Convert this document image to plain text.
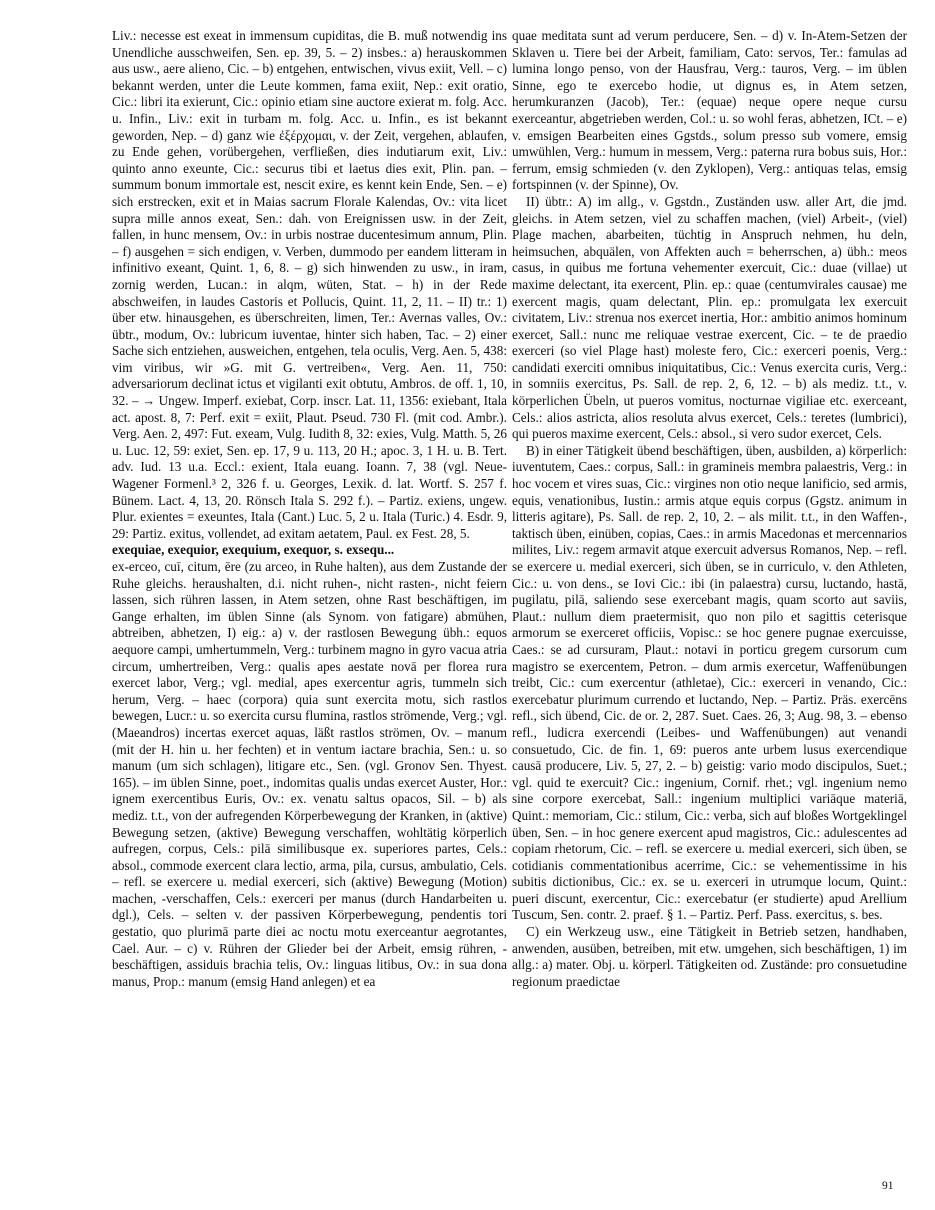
Liv.: necesse est exeat in immensum cupiditas, die B. muß notwendig ins Unendliche ausschweifen, Sen. ep. 39, 5. – 2) insbes.: a) herauskommen aus usw., aere alieno, Cic. – b) entgehen, entwischen, vivus exiit, Vell. – c) bekannt werden, unter die Leute kommen, fama exiit, Nep.: exit oratio, Cic.: libri ita exierunt, Cic.: opinio etiam sine auctore exierat m. folg. Acc. u. Infin., Liv.: exit in turbam m. folg. Acc. u. Infin., es ist bekannt geworden, Nep. – d) ganz wie ἐξέρχομαι, v. der Zeit, vergehen, ablaufen, zu Ende gehen, vorübergehen, verfließen, dies indutiarum exit, Liv.: quinto anno exeunte, Cic.: securus tibi et laetus dies exit, Plin. pan. – summum bonum immortale est, nescit exire, es kennt kein Ende, Sen. – e) sich erstrecken, exit et in Maias sacrum Florale Kalendas, Ov.: vita licet supra mille annos exeat, Sen.: dah. von Ereignissen usw. in der Zeit, fallen, in hunc mensem, Ov.: in urbis nostrae ducentesimum annum, Plin. – f) ausgehen = sich endigen, v. Verben, dummodo per eandem litteram in infinitivo exeant, Quint. 1, 6, 8. – g) sich hinwenden zu usw., in iram, zornig werden, Lucan.: in alqm, wüten, Stat. – h) in der Rede abschweifen, in laudes Castoris et Pollucis, Quint. 11, 2, 11. – II) tr.: 1) über etw. hinausgehen, es überschreiten, limen, Ter.: Avernas valles, Ov.: übtr., modum, Ov.: lubricum iuventae, hinter sich haben, Tac. – 2) einer Sache sich entziehen, ausweichen, entgehen, tela oculis, Verg. Aen. 5, 438: vim viribus, wir »G. mit G. vertreiben«, Verg. Aen. 11, 750: adversariorum declinat ictus et vigilanti exit obtutu, Ambros. de off. 1, 10, 32. – → Ungew. Imperf. exiebat, Corp. inscr. Lat. 11, 1356: exiebant, Itala act. apost. 8, 7: Perf. exit = exiit, Plaut. Pseud. 730 Fl. (mit cod. Ambr.). Verg. Aen. 2, 497: Fut. exeam, Vulg. Iudith 8, 32: exies, Vulg. Matth. 5, 26 u. Luc. 12, 59: exiet, Sen. ep. 17, 9 u. 113, 20 H.; apoc. 3, 1 H. u. B. Tert. adv. Iud. 13 u.a. Eccl.: exient, Itala euang. Ioann. 7, 38 (vgl. Neue-Wagener Formenl.³ 2, 326 f. u. Georges, Lexik. d. lat. Wortf. S. 257 f. Bünem. Lact. 4, 13, 20. Rönsch Itala S. 292 f.). – Partiz. exiens, ungew. Plur. exientes = exeuntes, Itala (Cant.) Luc. 5, 2 u. Itala (Turic.) 4. Esdr. 9, 29: Partiz. exitus, vollendet, ad exitam aetatem, Paul. ex Fest. 28, 5.

exequiae, exequior, exequium, exequor, s. exsequ...

ex-erceo, cuī, citum, ēre (zu arceo, in Ruhe halten), aus dem Zustande der Ruhe gleichs. heraushalten, d.i. nicht ruhen-, nicht rasten-, nicht feiern lassen, sich rühren lassen, in Atem setzen, ohne Rast beschäftigen, im Gange erhalten, im üblen Sinne (als Synom. von fatigare) abmühen, abtreiben, abhetzen, I) eig.: a) v. der rastlosen Bewegung übh.: equos aequore campi, umhertummeln, Verg.: turbinem magno in gyro vacua atria circum, umhertreiben, Verg.: qualis apes aestate novā per florea rura exercet labor, Verg.; vgl. medial, apes exercentur agris, tummeln sich herum, Verg. – haec (corpora) quia sunt exercita motu, sich rastlos bewegen, Lucr.: u. so exercita cursu flumina, rastlos strömende, Verg.; vgl. (Maeandros) incertas exercet aquas, läßt rastlos strömen, Ov. – manum (mit der H. hin u. her fechten) et in ventum iactare brachia, Sen.: u. so manum (um sich schlagen), litigare etc., Sen. (vgl. Gronov Sen. Thyest. 165). – im üblen Sinne, poet., indomitas qualis undas exercet Auster, Hor.: ignem exercentibus Euris, Ov.: ex. venatu saltus opacos, Sil. – b) als mediz. t.t., von der aufregenden Körperbewegung der Kranken, in (aktive) Bewegung setzen, (aktive) Bewegung verschaffen, wohltätig körperlich aufregen, corpus, Cels.: pilā similibusque ex. superiores partes, Cels.: absol., commode exercent clara lectio, arma, pila, cursus, ambulatio, Cels. – refl. se exercere u. medial exerceri, sich (aktive) Bewegung (Motion) machen, -verschaffen, Cels.: exerceri per manus (durch Handarbeiten u. dgl.), Cels. – selten v. der passiven Körperbewegung, pendentis tori gestatio, quo plurimā parte diei ac noctu motu exerceantur aegrotantes, Cael. Aur. – c) v. Rühren der Glieder bei der Arbeit, emsig rühren, -beschäftigen, assiduis brachia telis, Ov.: linguas litibus, Ov.: in sua dona manus, Prop.: manum (emsig Hand anlegen) et ea

quae meditata sunt ad verum perducere, Sen. – d) v. In-Atem-Setzen der Sklaven u. Tiere bei der Arbeit, familiam, Cato: servos, Ter.: famulas ad lumina longo penso, von der Hausfrau, Verg.: tauros, Verg. – im üblen Sinne, ego te exercebo hodie, ut dignus es, in Atem setzen, herumkuranzen (Jacob), Ter.: (equae) neque opere neque cursu exerceantur, abgetrieben werden, Col.: u. so wohl feras, abhetzen, ICt. – e) v. emsigen Bearbeiten eines Ggstds., solum presso sub vomere, emsig umwühlen, Verg.: humum in messem, Verg.: paterna rura bobus suis, Hor.: ferrum, emsig schmieden (v. den Zyklopen), Verg.: antiquas telas, emsig fortspinnen (v. der Spinne), Ov.

II) übtr.: A) im allg., v. Ggstdn., Zuständen usw. aller Art, die jmd. gleichs. in Atem setzen, viel zu schaffen machen, (viel) Arbeit-, (viel) Plage machen, abarbeiten, tüchtig in Anspruch nehmen, hu deln, heimsuchen, abquälen, von Affekten auch = beherrschen, a) übh.: meos casus, in quibus me fortuna vehementer exercuit, Cic.: duae (villae) ut maxime delectant, ita exercent, Plin. ep.: quae (centumvirales causae) me exercent magis, quam delectant, Plin. ep.: promulgata lex exercuit civitatem, Liv.: strenua nos exercet inertia, Hor.: ambitio animos hominum exercet, Sall.: nunc me reliquae vestrae exercent, Cic. – te de praedio exerceri (so viel Plage hast) moleste fero, Cic.: exerceri poenis, Verg.: candidati exerciti omnibus iniquitatibus, Cic.: Venus exercita curis, Verg.: in somniis exercitus, Ps. Sall. de rep. 2, 6, 12. – b) als mediz. t.t., v. körperlichen Übeln, ut pueros vomitus, nocturnae vigiliae etc. exerceant, Cels.: alios astricta, alios resoluta alvus exercet, Cels.: teretes (lumbrici), qui pueros maxime exercent, Cels.: absol., si vero sudor exercet, Cels.

B) in einer Tätigkeit übend beschäftigen, üben, ausbilden, a) körperlich: iuventutem, Caes.: corpus, Sall.: in gramineis membra palaestris, Verg.: in hoc vocem et vires suas, Cic.: virgines non otio neque lanificio, sed armis, equis, venationibus, Iustin.: armis atque equis corpus (Ggstz. animum in litteris agitare), Ps. Sall. de rep. 2, 10, 2. – als milit. t.t., in den Waffen-, taktisch üben, einüben, copias, Caes.: in armis Macedonas et mercennarios milites, Liv.: regem armavit atque exercuit adversus Romanos, Nep. – refl. se exercere u. medial exerceri, sich üben, se in curriculo, v. den Athleten, Cic.: u. von dens., se Iovi Cic.: ibi (in palaestra) cursu, luctando, hastā, pugilatu, pilā, saliendo sese exercebant magis, quam scorto aut saviis, Plaut.: nullum diem praetermisit, quo non pilo et sagittis ceterisque armorum se exerceret officiis, Vopisc.: se hoc genere pugnae exercuisse, Caes.: se ad cursuram, Plaut.: notavi in porticu gregem cursorum cum magistro se exercentem, Petron. – dum armis exercetur, Waffenübungen treibt, Cic.: cum exercentur (athletae), Cic.: exerceri in venando, Cic.: exercebatur plurimum currendo et luctando, Nep. – Partiz. Präs. exercēns refl., sich übend, Cic. de or. 2, 287. Suet. Caes. 26, 3; Aug. 98, 3. – ebenso refl., ludicra exercendi (Leibes- und Waffenübungen) aut venandi consuetudo, Cic. de fin. 1, 69: pueros ante urbem lusus exercendique causā producere, Liv. 5, 27, 2. – b) geistig: vario modo discipulos, Suet.; vgl. quid te exercuit? Cic.: ingenium, Cornif. rhet.; vgl. ingenium nemo sine corpore exercebat, Sall.: ingenium multiplici variāque materiā, Quint.: memoriam, Cic.: stilum, Cic.: verba, sich auf bloßes Wortgeklingel üben, Sen. – in hoc genere exercent apud magistros, Cic.: adulescentes ad copiam rhetorum, Cic. – refl. se exercere u. medial exerceri, sich üben, se cotidianis commentationibus acerrime, Cic.: se vehementissime in his subitis dictionibus, Cic.: ex. se u. exerceri in utrumque locum, Quint.: pueri discunt, exercentur, Cic.: exercebatur (er studierte) apud Arellium Tuscum, Sen. contr. 2. praef. § 1. – Partiz. Perf. Pass. exercitus, s. bes.

C) ein Werkzeug usw., eine Tätigkeit in Betrieb setzen, handhaben, anwenden, ausüben, betreiben, mit etw. umgehen, sich beschäftigen, 1) im allg.: a) mater. Obj. u. körperl. Tätigkeiten od. Zustände: pro consuetudine regionum praedictae

91
